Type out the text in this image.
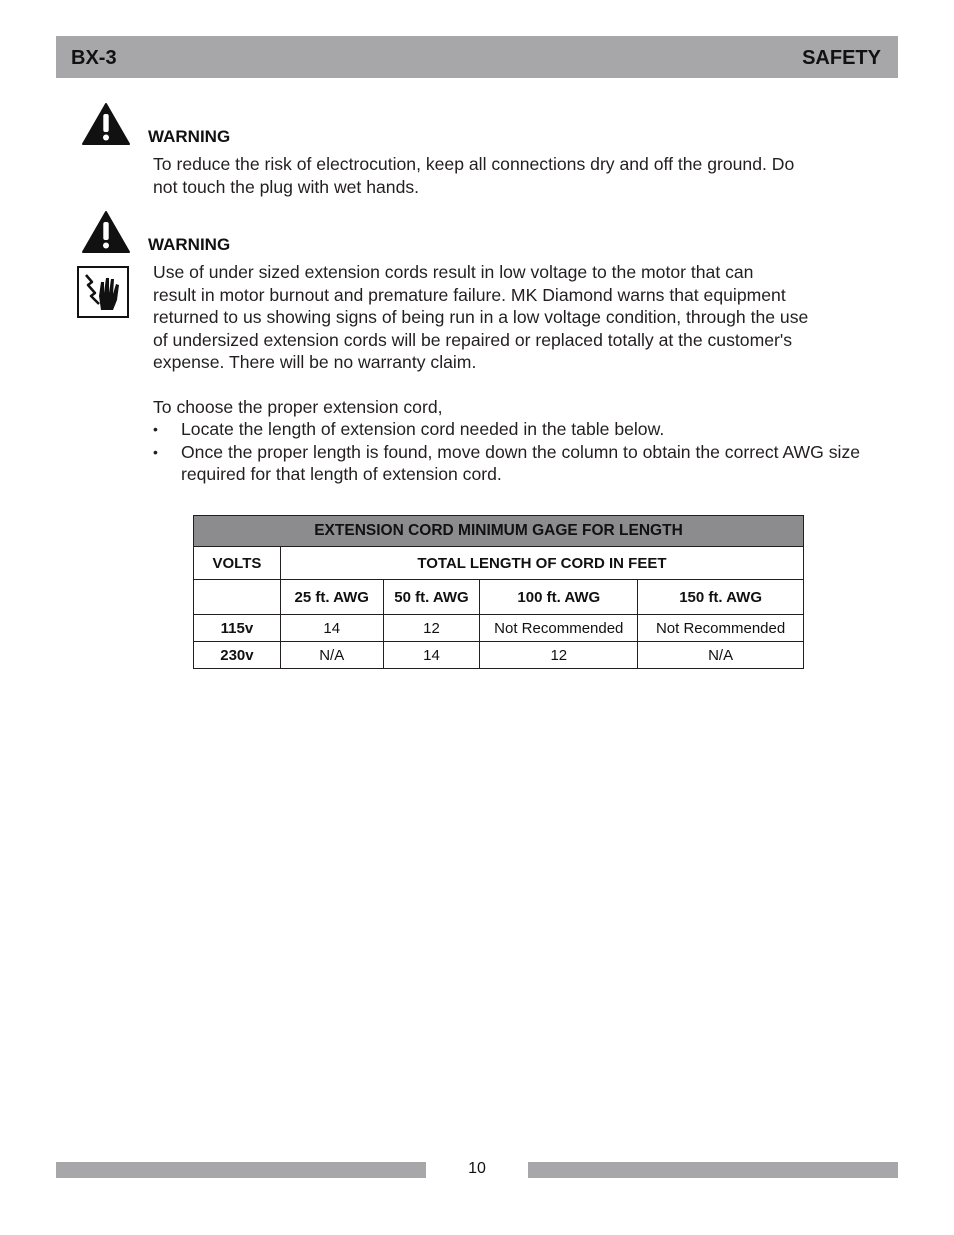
BX-3	SAFETY
WARNING
To reduce the risk of electrocution, keep all connections dry and off the ground. Do
not touch the plug with wet hands.
WARNING
Use of under sized extension cords result in low voltage to the motor that can
result in motor burnout and premature failure. MK Diamond warns that equipment
returned to us showing signs of being run in a low voltage condition, through the use
of undersized extension cords will be repaired or replaced totally at the customer's
expense. There will be no warranty claim.
To choose the proper extension cord,
• Locate the length of extension cord needed in the table below.
• Once the proper length is found, move down the column to obtain the correct AWG size required for that length of extension cord.
EXTENSION CORD MINIMUM GAGE FOR LENGTH				
VOLTS	TOTAL LENGTH OF CORD IN FEET			
	25 ft. AWG	50 ft. AWG	100 ft. AWG	150 ft. AWG
115v	14	12	Not Recommended	Not Recommended
230v	N/A	14	12	N/A
10
